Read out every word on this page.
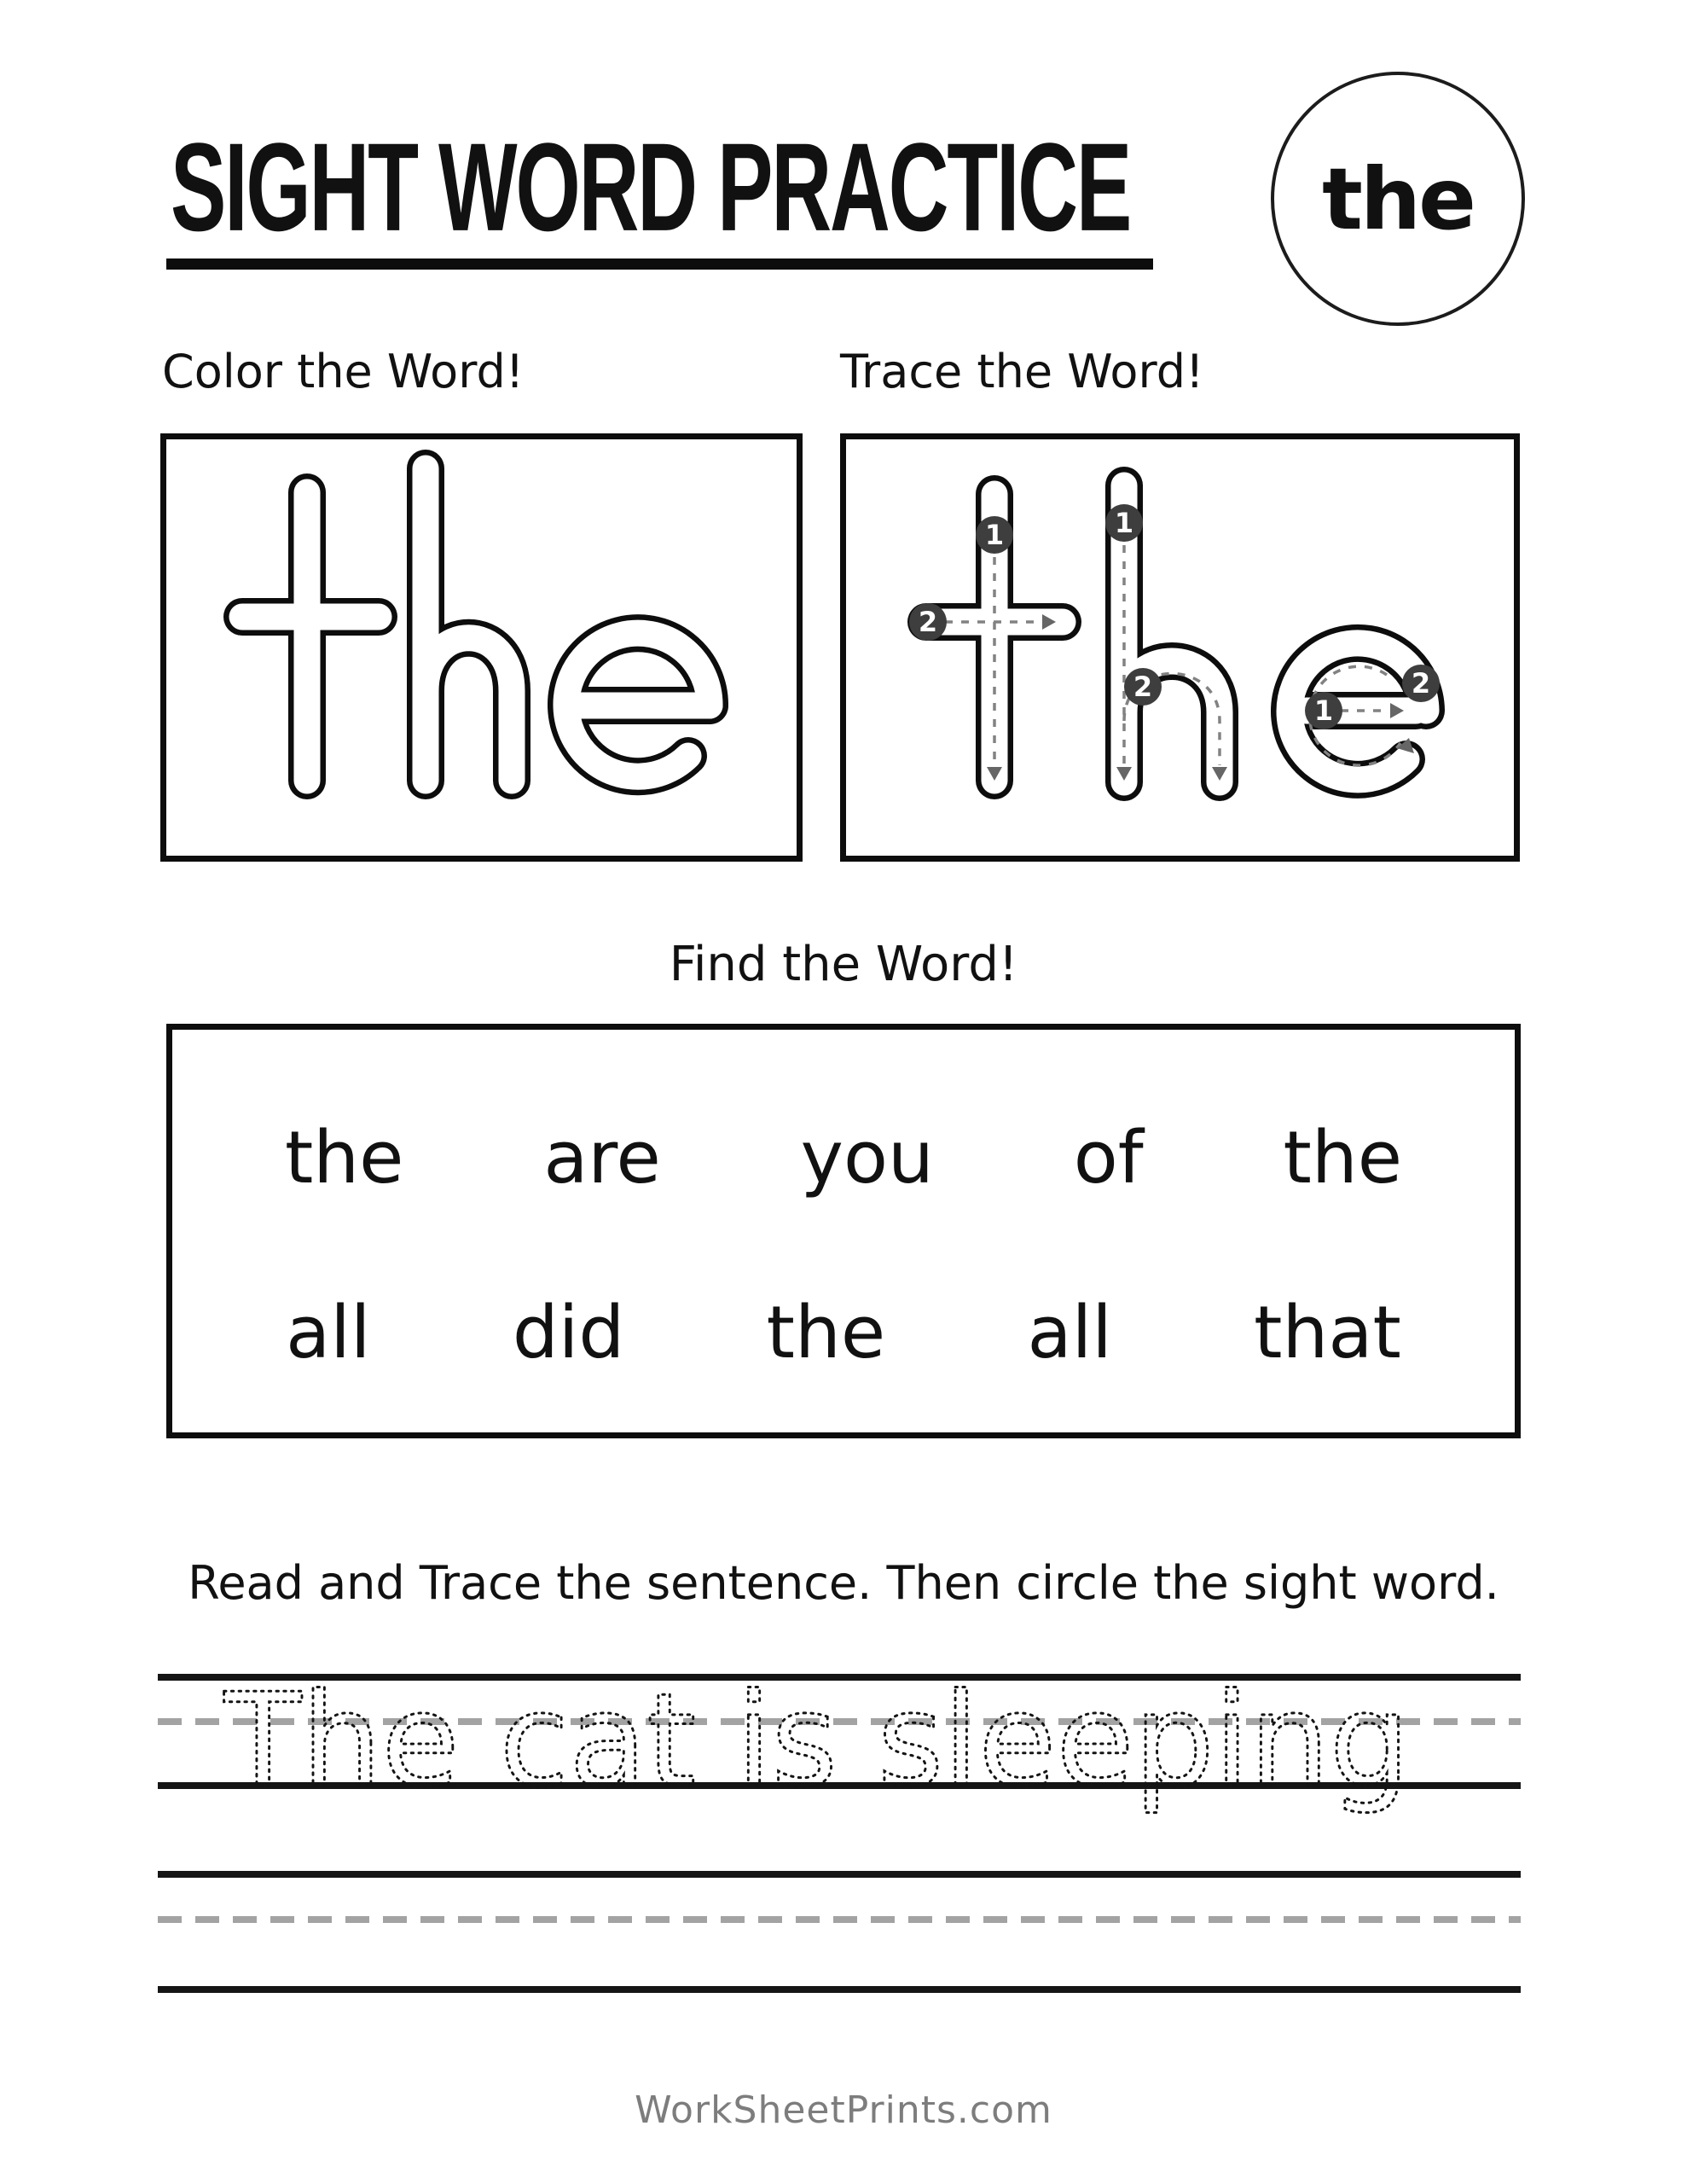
SIGHT WORD PRACTICE	the
Color the Word!	Trace the Word!
1
2
1
2
1
2
Find the Word!
the are you of the
all did the all that
Read and Trace the sentence. Then circle the sight word.
The cat is sleeping
WorkSheetPrints.com
